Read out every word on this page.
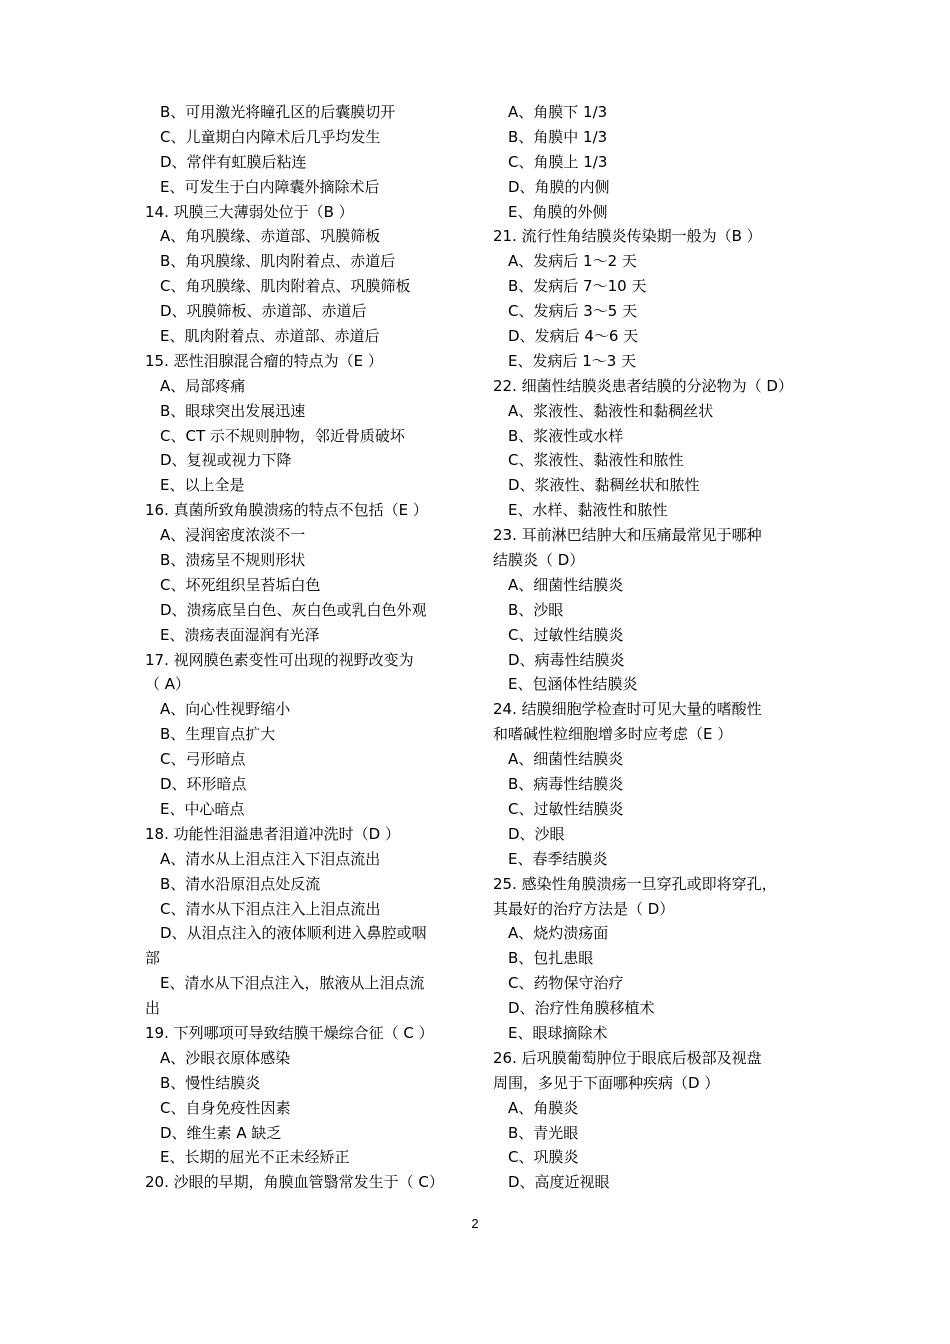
B、可用激光将瞳孔区的后囊膜切开
C、儿童期白内障术后几乎均发生
D、常伴有虹膜后粘连
E、可发生于白内障囊外摘除术后
14. 巩膜三大薄弱处位于（B ）
A、角巩膜缘、赤道部、巩膜筛板
B、角巩膜缘、肌肉附着点、赤道后
C、角巩膜缘、肌肉附着点、巩膜筛板
D、巩膜筛板、赤道部、赤道后
E、肌肉附着点、赤道部、赤道后
15. 恶性泪腺混合瘤的特点为（E ）
A、局部疼痛
B、眼球突出发展迅速
C、CT 示不规则肿物，邻近骨质破坏
D、复视或视力下降
E、以上全是
16. 真菌所致角膜溃疡的特点不包括（E ）
A、浸润密度浓淡不一
B、溃疡呈不规则形状
C、坏死组织呈苔垢白色
D、溃疡底呈白色、灰白色或乳白色外观
E、溃疡表面湿润有光泽
17. 视网膜色素变性可出现的视野改变为
（ A）
A、向心性视野缩小
B、生理盲点扩大
C、弓形暗点
D、环形暗点
E、中心暗点
18. 功能性泪溢患者泪道冲洗时（D ）
A、清水从上泪点注入下泪点流出
B、清水沿原泪点处反流
C、清水从下泪点注入上泪点流出
D、从泪点注入的液体顺利进入鼻腔或咽
部
E、清水从下泪点注入，脓液从上泪点流
出
19. 下列哪项可导致结膜干燥综合征（ C ）
A、沙眼衣原体感染
B、慢性结膜炎
C、自身免疫性因素
D、维生素 A 缺乏
E、长期的屈光不正未经矫正
20. 沙眼的早期，角膜血管翳常发生于（ C）
A、角膜下 1/3
B、角膜中 1/3
C、角膜上 1/3
D、角膜的内侧
E、角膜的外侧
21. 流行性角结膜炎传染期一般为（B ）
A、发病后 1～2 天
B、发病后 7～10 天
C、发病后 3～5 天
D、发病后 4～6 天
E、发病后 1～3 天
22. 细菌性结膜炎患者结膜的分泌物为（ D）
A、浆液性、黏液性和黏稠丝状
B、浆液性或水样
C、浆液性、黏液性和脓性
D、浆液性、黏稠丝状和脓性
E、水样、黏液性和脓性
23. 耳前淋巴结肿大和压痛最常见于哪种
结膜炎（ D）
A、细菌性结膜炎
B、沙眼
C、过敏性结膜炎
D、病毒性结膜炎
E、包涵体性结膜炎
24. 结膜细胞学检查时可见大量的嗜酸性
和嗜碱性粒细胞增多时应考虑（E ）
A、细菌性结膜炎
B、病毒性结膜炎
C、过敏性结膜炎
D、沙眼
E、春季结膜炎
25. 感染性角膜溃疡一旦穿孔或即将穿孔，
其最好的治疗方法是（ D）
A、烧灼溃疡面
B、包扎患眼
C、药物保守治疗
D、治疗性角膜移植术
E、眼球摘除术
26. 后巩膜葡萄肿位于眼底后极部及视盘
周围，多见于下面哪种疾病（D ）
A、角膜炎
B、青光眼
C、巩膜炎
D、高度近视眼
2
